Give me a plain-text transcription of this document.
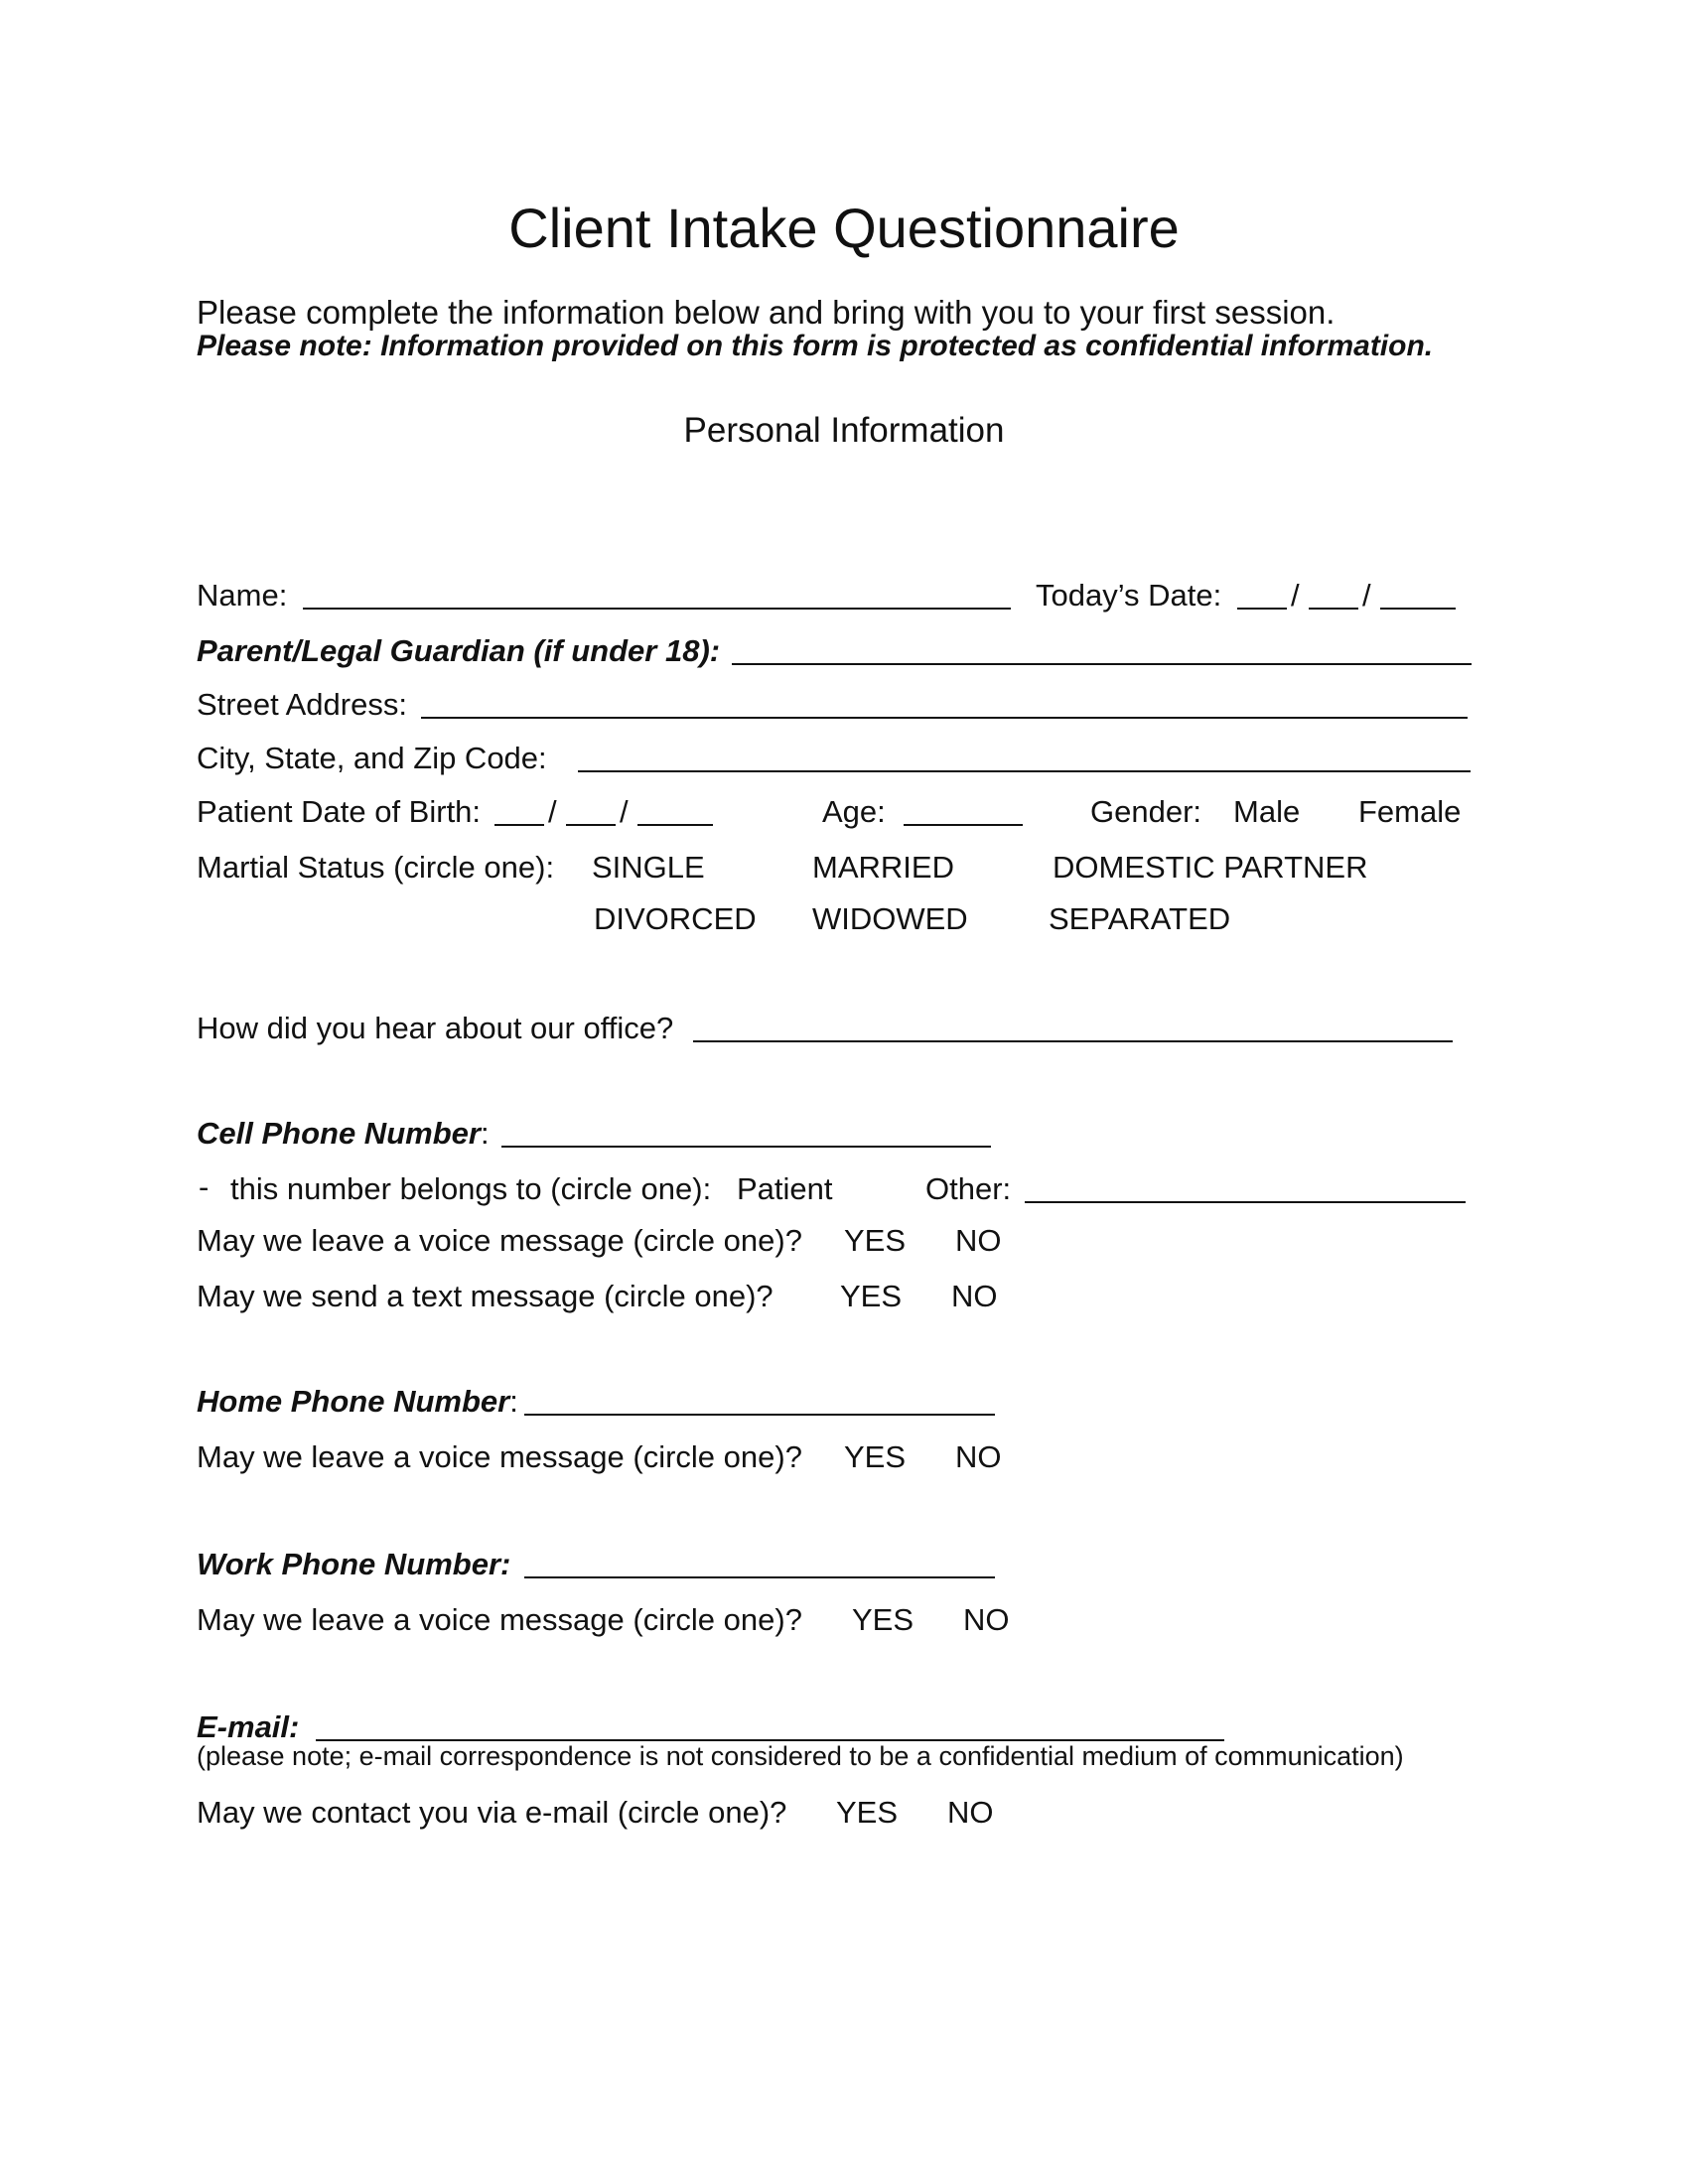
Client Intake Questionnaire
Please complete the information below and bring with you to your first session.
Please note: Information provided on this form is protected as confidential information.
Personal Information
Name:	Today’s Date: / /
Parent/Legal Guardian (if under 18):
Street Address:
City, State, and Zip Code:
Patient Date of Birth: / /	Age:	Gender: Male Female
Martial Status (circle one): SINGLE	MARRIED	DOMESTIC PARTNER
DIVORCED WIDOWED	SEPARATED
How did you hear about our office?
Cell Phone Number:
- this number belongs to (circle one): Patient	Other:
May we leave a voice message (circle one)? YES NO
May we send a text message (circle one)? YES NO
Home Phone Number:
May we leave a voice message (circle one)? YES NO
Work Phone Number:
May we leave a voice message (circle one)? YES NO
E-mail:
(please note; e-mail correspondence is not considered to be a confidential medium of communication)
May we contact you via e-mail (circle one)? YES NO
